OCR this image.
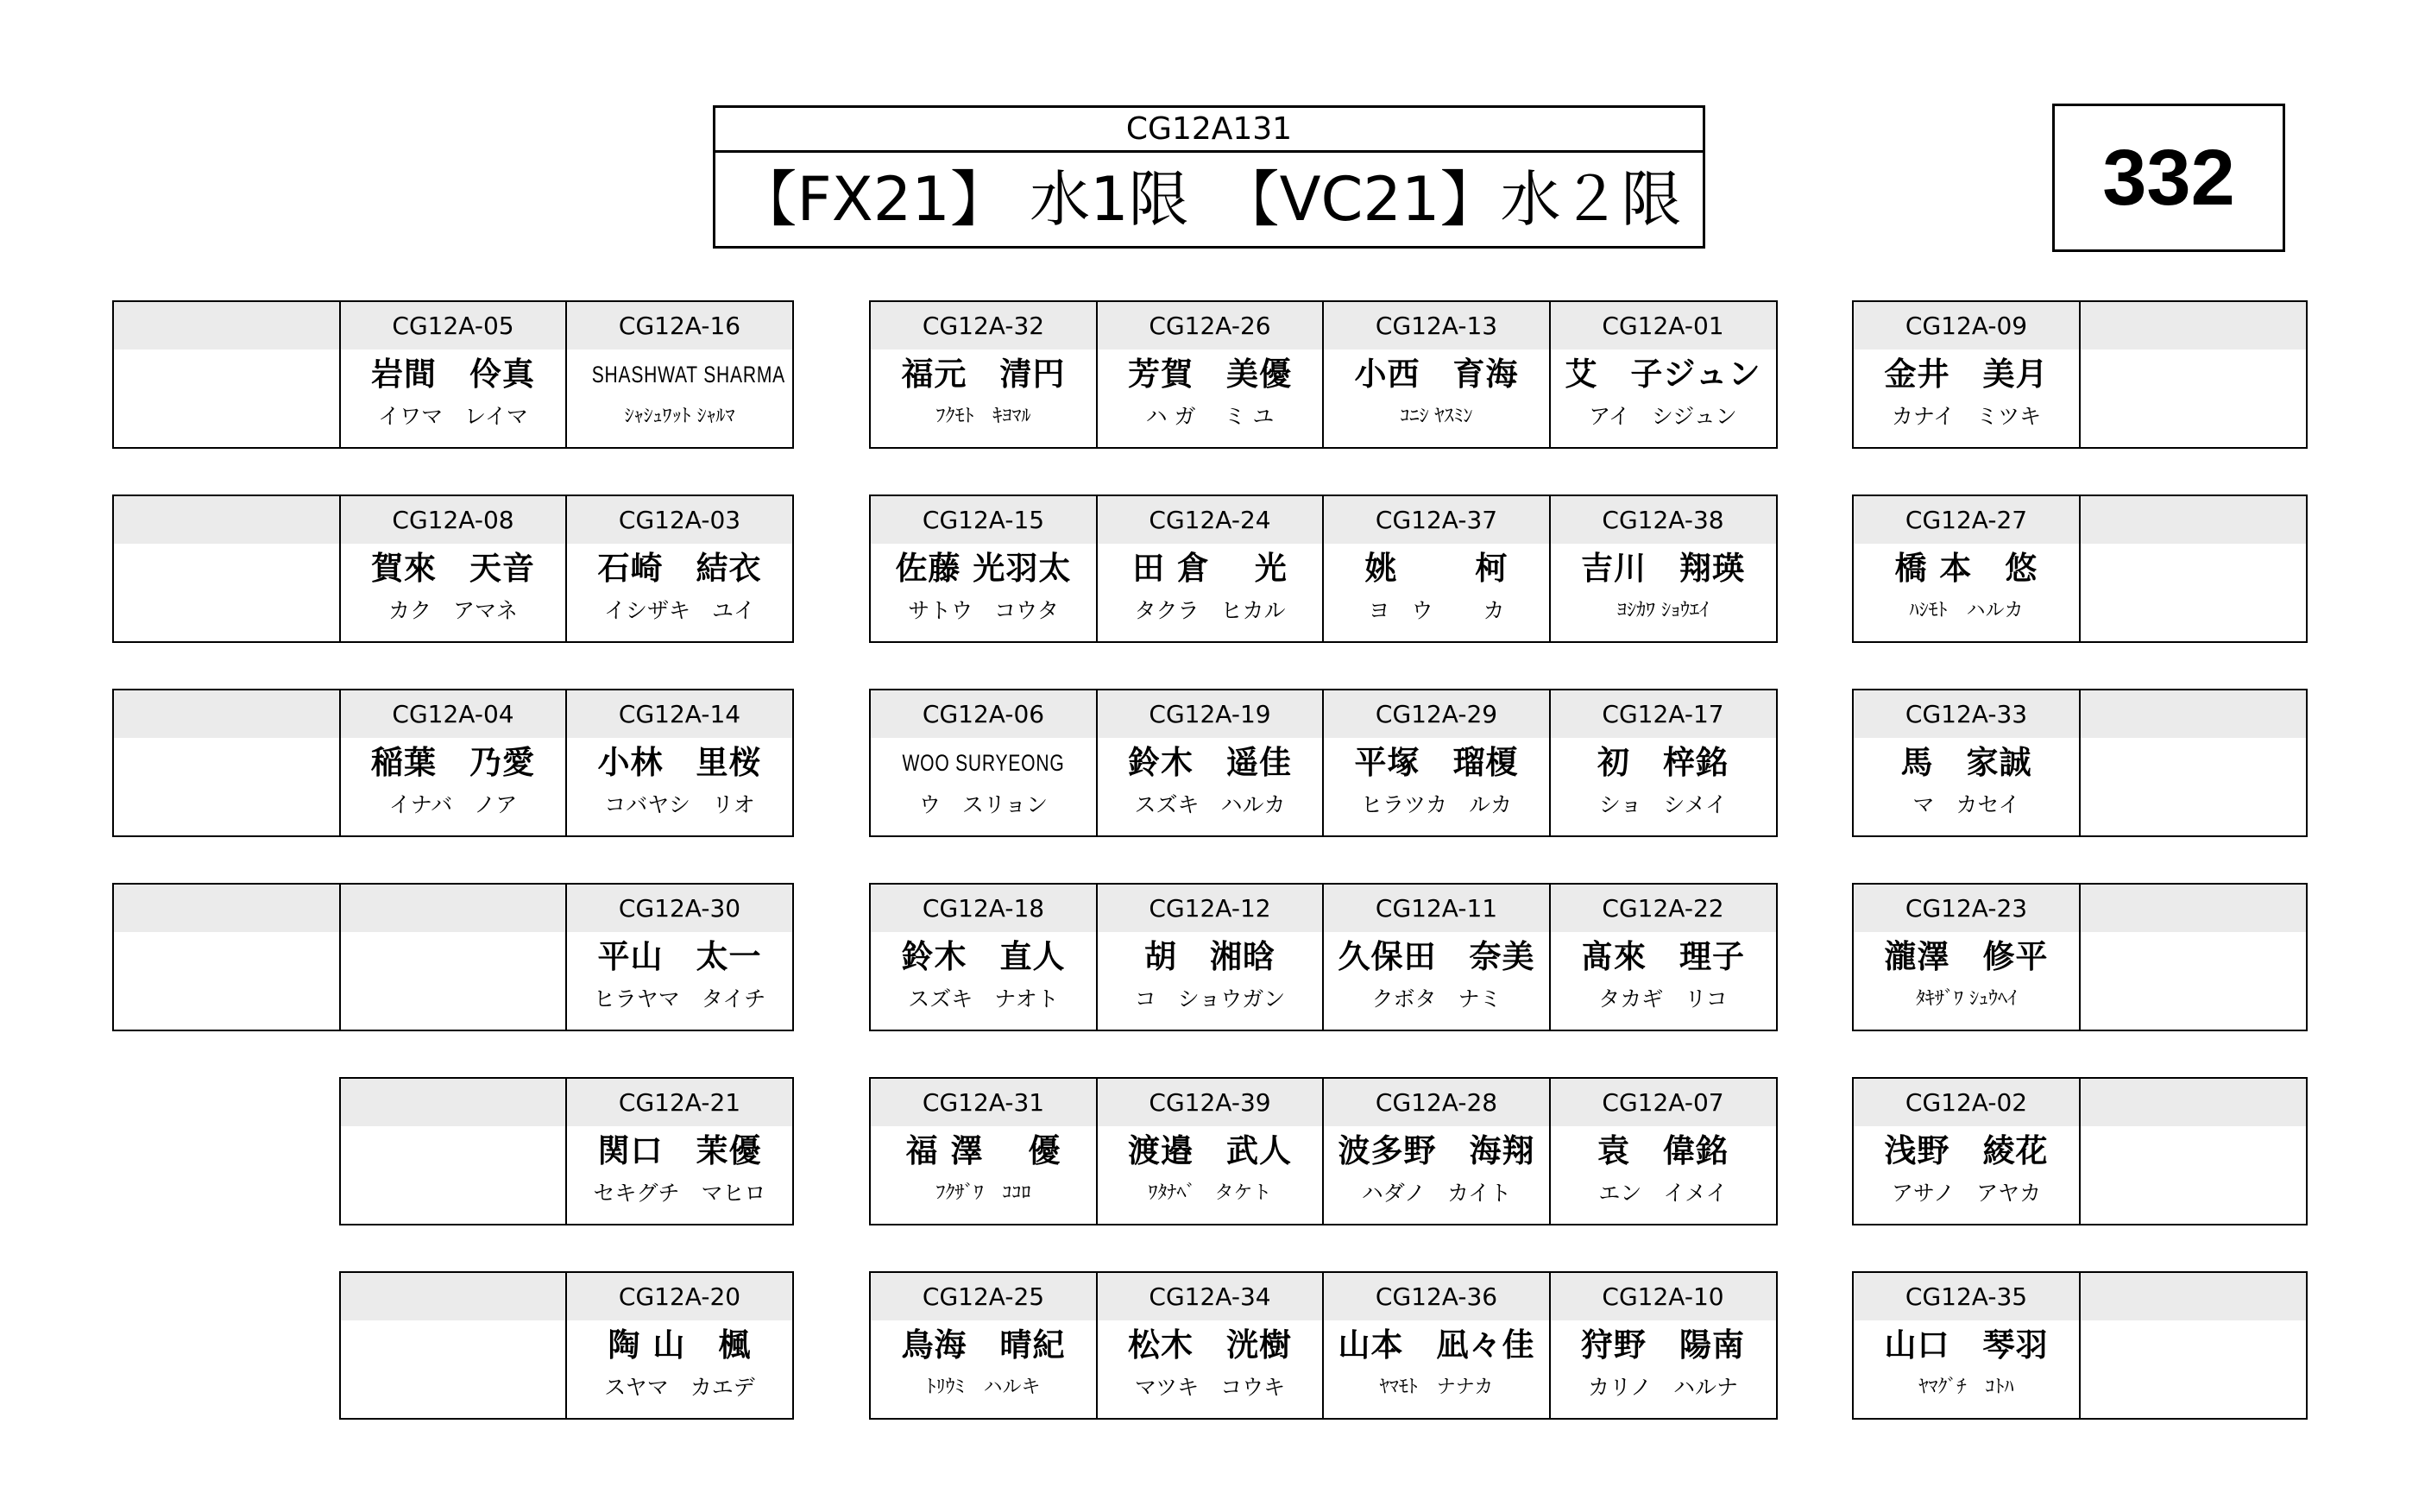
CG12A131
【FX21】 水1限　【VC21】水２限	332
CG12A-05
岩間　伶真
イワマ　レイマ
CG12A-16
SHASHWAT SHARMA
ｼｬｼｭﾜｯﾄ ｼｬﾙﾏ
CG12A-32
福元　清円
ﾌｸﾓﾄ　ｷﾖﾏﾙ
CG12A-26
芳賀　美優
ハ ガ　 ミ ユ
CG12A-13
小西　育海
ｺﾆｼ ﾔｽﾐﾝ
CG12A-01
艾　子ジュン
アイ　シジュン
CG12A-09
金井　美月
カナイ　ミツキ
CG12A-08
賀來　天音
カク　アマネ
CG12A-03
石崎　結衣
イシザキ　ユイ
CG12A-15
佐藤 光羽太
サトウ　コウタ
CG12A-24
田 倉　 光
タクラ　ヒカル
CG12A-37
姚　　 柯
ヨ　ウ　　 カ
CG12A-38
吉川　翔瑛
ﾖｼｶﾜ ｼｮｳｴｲ
CG12A-27
橋 本　悠
ﾊｼﾓﾄ　ハルカ
CG12A-04
稲葉　乃愛
イナバ　ノア
CG12A-14
小林　里桜
コバヤシ　リオ
CG12A-06
WOO SURYEONG
ウ　スリョン
CG12A-19
鈴木　遥佳
スズキ　ハルカ
CG12A-29
平塚　瑠榎
ヒラツカ　ルカ
CG12A-17
初　梓銘
ショ　シメイ
CG12A-33
馬　家誠
マ　カセイ
CG12A-30
平山　太一
ヒラヤマ　タイチ
CG12A-18
鈴木　直人
スズキ　ナオト
CG12A-12
胡　湘晗
コ　ショウガン
CG12A-11
久保田　奈美
クボタ　ナミ
CG12A-22
髙來　理子
タカギ　リコ
CG12A-23
瀧澤　修平
ﾀｷｻﾞﾜ ｼｭｳﾍｲ
CG12A-21
関口　茉優
セキグチ　マヒロ
CG12A-31
福 澤　 優
ﾌｸｻﾞﾜ　ｺｺﾛ
CG12A-39
渡邉　武人
ﾜﾀﾅﾍﾞ　タケト
CG12A-28
波多野　海翔
ハダノ　カイト
CG12A-07
袁　偉銘
エン　イメイ
CG12A-02
浅野　綾花
アサノ　アヤカ
CG12A-20
陶 山　楓
スヤマ　カエデ
CG12A-25
鳥海　晴紀
ﾄﾘｳﾐ　ハルキ
CG12A-34
松木　洸樹
マツキ　コウキ
CG12A-36
山本　凪々佳
ﾔﾏﾓﾄ　ナナカ
CG12A-10
狩野　陽南
カリノ　ハルナ
CG12A-35
山口　琴羽
ﾔﾏｸﾞﾁ　ｺﾄﾊ
